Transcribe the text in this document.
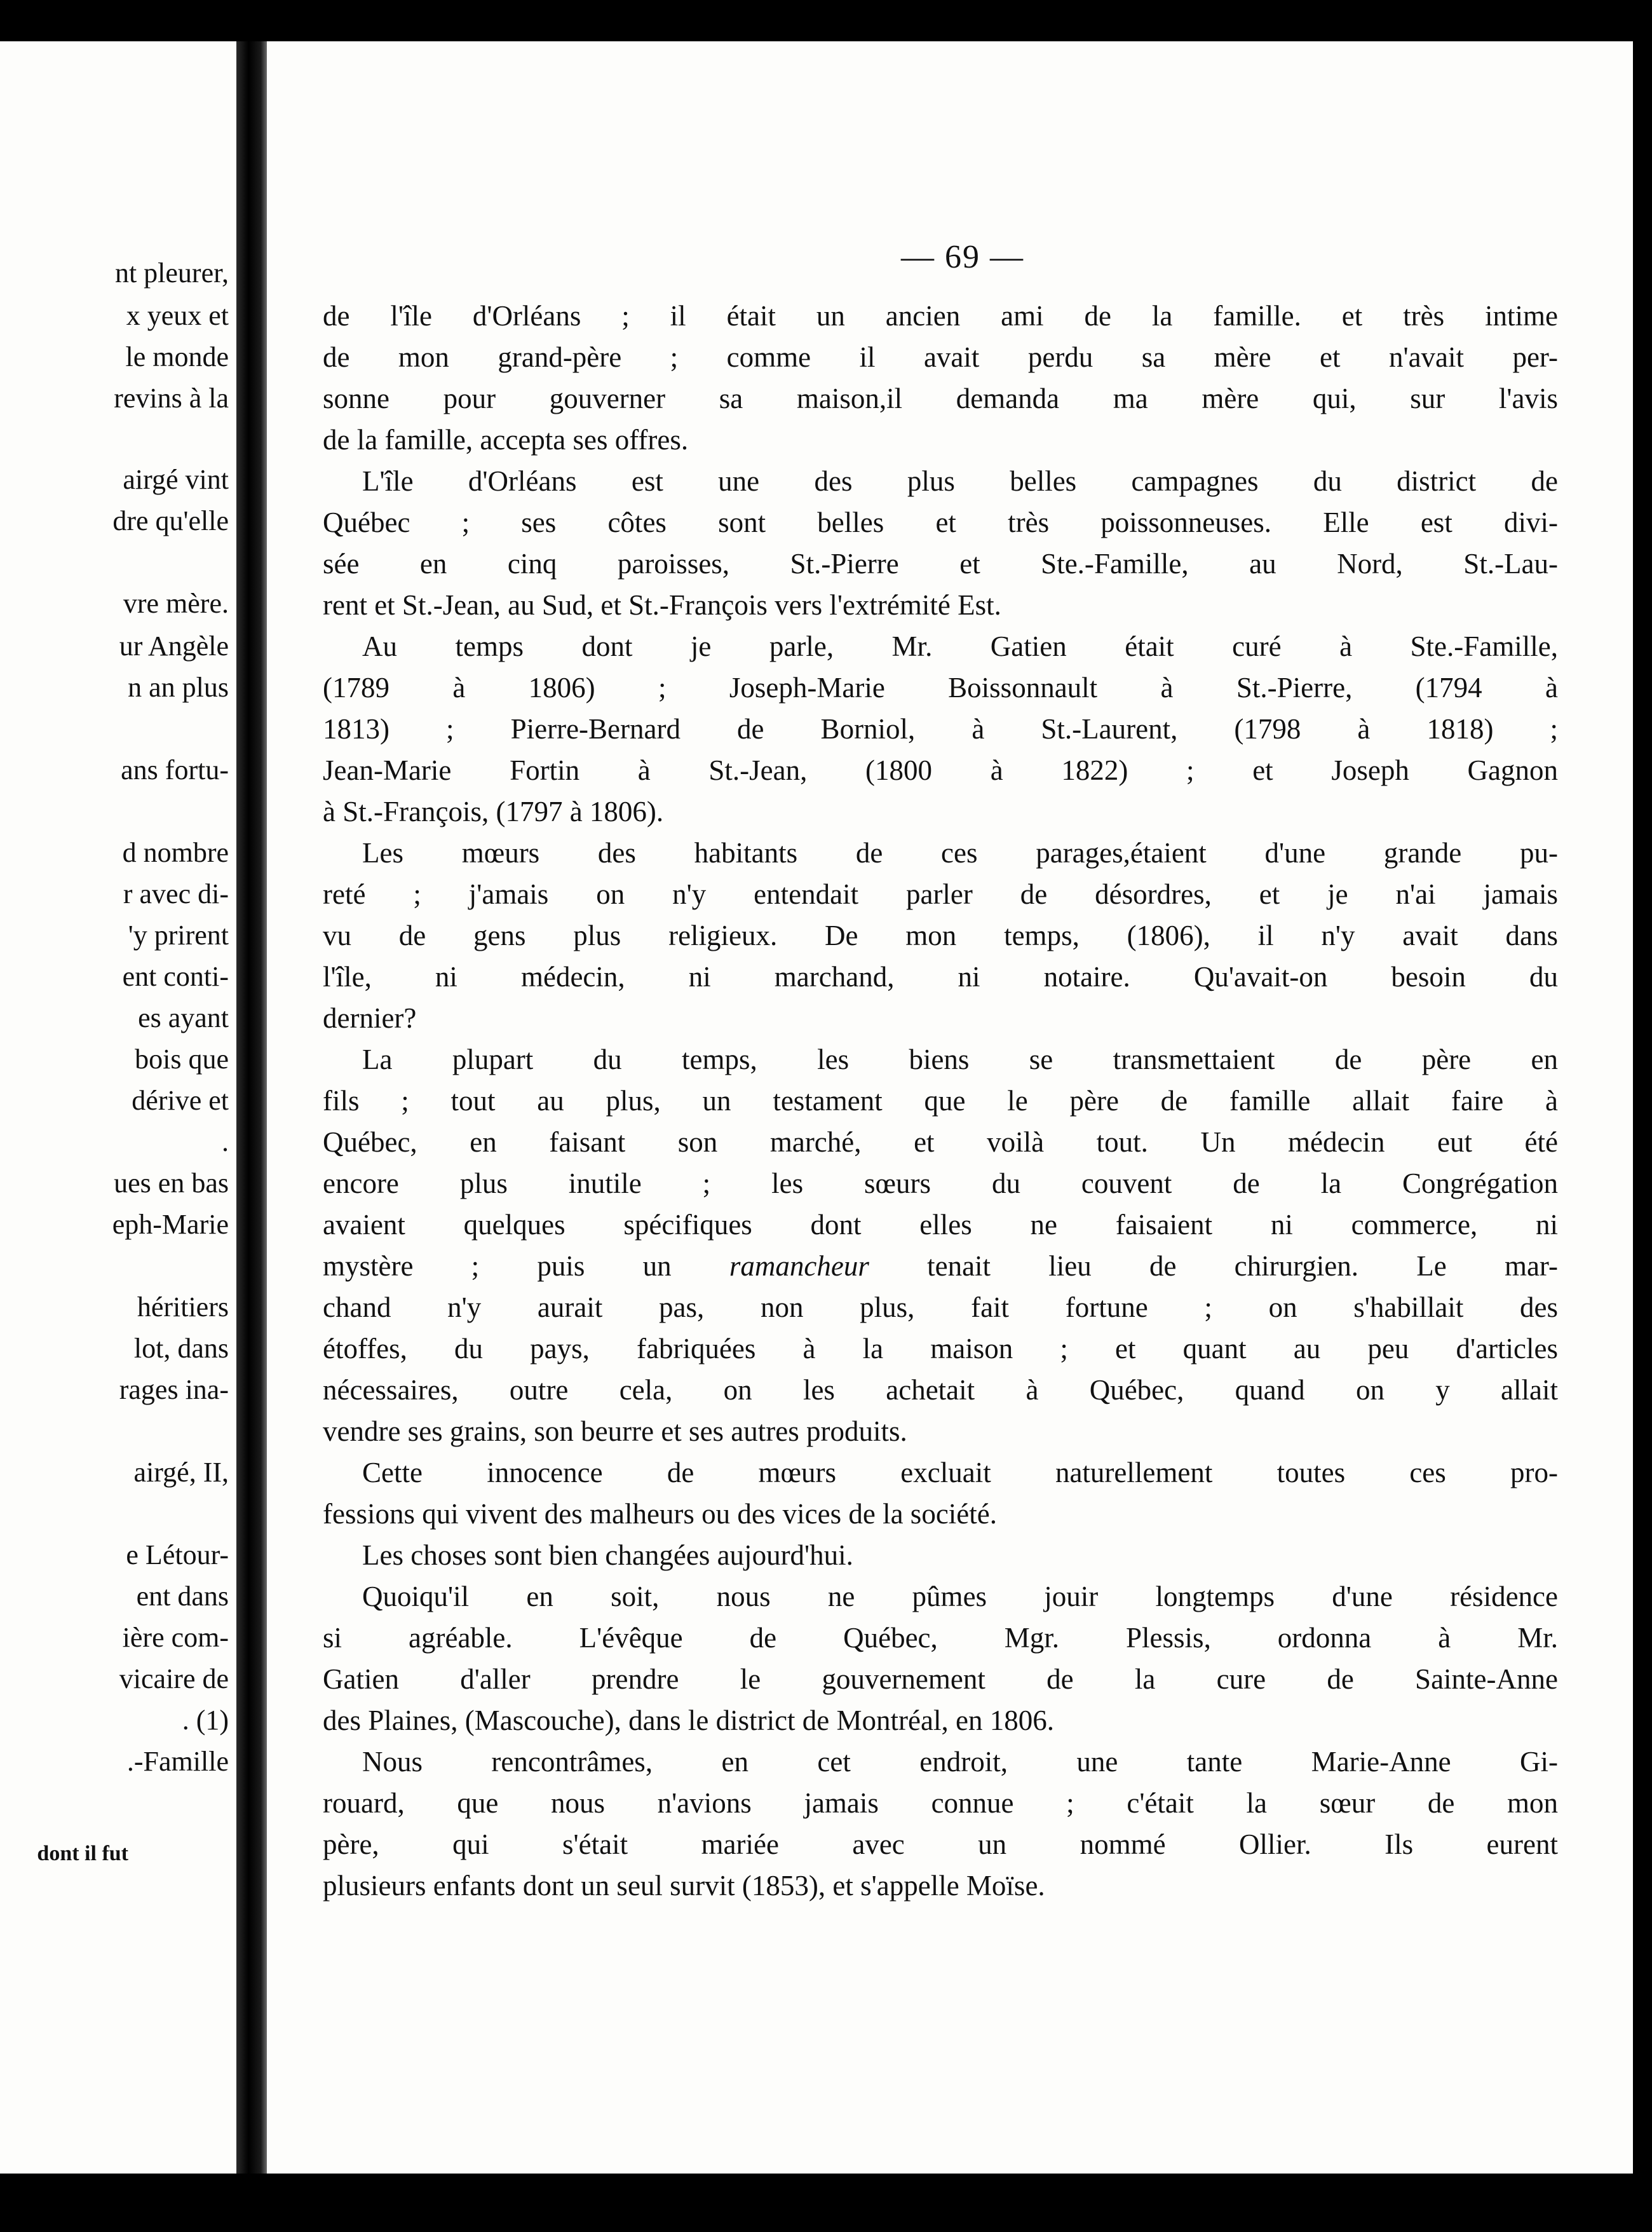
nt pleurer,
x yeux et
le monde
revins à la
airgé vint
dre qu'elle
vre mère.
ur Angèle
n an plus
ans fortu-
d nombre
r avec di-
'y prirent
ent conti-
es ayant
bois que
dérive et
.
ues en bas
eph-Marie
héritiers
lot, dans
rages ina-
airgé, II,
e Létour-
ent dans
ière com-
vicaire de
. (1)
.-Famille
dont il fut
— 69 —
de l'île d'Orléans ; il était un ancien ami de la famille. et très intime
de mon grand-père ; comme il avait perdu sa mère et n'avait per-
sonne pour gouverner sa maison,il demanda ma mère qui, sur l'avis
de la famille, accepta ses offres.
L'île d'Orléans est une des plus belles campagnes du district de
Québec ; ses côtes sont belles et très poissonneuses. Elle est divi-
sée en cinq paroisses, St.-Pierre et Ste.-Famille, au Nord, St.-Lau-
rent et St.-Jean, au Sud, et St.-François vers l'extrémité Est.
Au temps dont je parle, Mr. Gatien était curé à Ste.-Famille,
(1789 à 1806) ; Joseph-Marie Boissonnault à St.-Pierre, (1794 à
1813) ; Pierre-Bernard de Borniol, à St.-Laurent, (1798 à 1818) ;
Jean-Marie Fortin à St.-Jean, (1800 à 1822) ; et Joseph Gagnon
à St.-François, (1797 à 1806).
Les mœurs des habitants de ces parages,étaient d'une grande pu-
reté ; j'amais on n'y entendait parler de désordres, et je n'ai jamais
vu de gens plus religieux. De mon temps, (1806), il n'y avait dans
l'île, ni médecin, ni marchand, ni notaire. Qu'avait-on besoin du
dernier?
La plupart du temps, les biens se transmettaient de père en
fils ; tout au plus, un testament que le père de famille allait faire à
Québec, en faisant son marché, et voilà tout. Un médecin eut été
encore plus inutile ; les sœurs du couvent de la Congrégation
avaient quelques spécifiques dont elles ne faisaient ni commerce, ni
mystère ; puis un ramancheur tenait lieu de chirurgien. Le mar-
chand n'y aurait pas, non plus, fait fortune ; on s'habillait des
étoffes, du pays, fabriquées à la maison ; et quant au peu d'articles
nécessaires, outre cela, on les achetait à Québec, quand on y allait
vendre ses grains, son beurre et ses autres produits.
Cette innocence de mœurs excluait naturellement toutes ces pro-
fessions qui vivent des malheurs ou des vices de la société.
Les choses sont bien changées aujourd'hui.
Quoiqu'il en soit, nous ne pûmes jouir longtemps d'une résidence
si agréable. L'évêque de Québec, Mgr. Plessis, ordonna à Mr.
Gatien d'aller prendre le gouvernement de la cure de Sainte-Anne
des Plaines, (Mascouche), dans le district de Montréal, en 1806.
Nous rencontrâmes, en cet endroit, une tante Marie-Anne Gi-
rouard, que nous n'avions jamais connue ; c'était la sœur de mon
père, qui s'était mariée avec un nommé Ollier. Ils eurent
plusieurs enfants dont un seul survit (1853), et s'appelle Moïse.
